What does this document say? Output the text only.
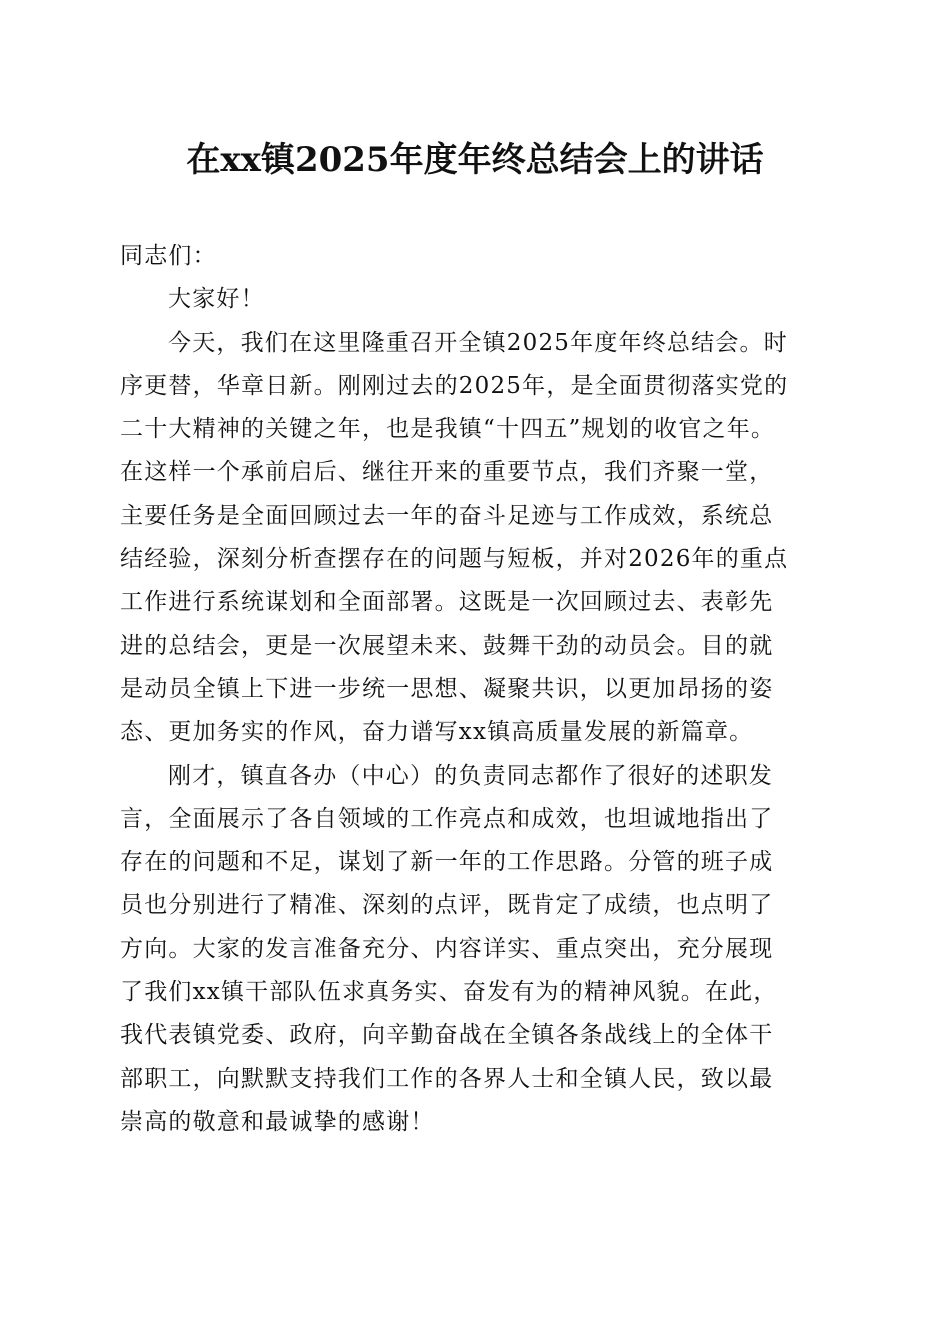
在xx镇2025年度年终总结会上的讲话
同志们：
大家好！
今天，我们在这里隆重召开全镇2025年度年终总结会。时
序更替，华章日新。刚刚过去的2025年，是全面贯彻落实党的
二十大精神的关键之年，也是我镇“十四五”规划的收官之年。
在这样一个承前启后、继往开来的重要节点，我们齐聚一堂，
主要任务是全面回顾过去一年的奋斗足迹与工作成效，系统总
结经验，深刻分析查摆存在的问题与短板，并对2026年的重点
工作进行系统谋划和全面部署。这既是一次回顾过去、表彰先
进的总结会，更是一次展望未来、鼓舞干劲的动员会。目的就
是动员全镇上下进一步统一思想、凝聚共识，以更加昂扬的姿
态、更加务实的作风，奋力谱写xx镇高质量发展的新篇章。
刚才，镇直各办（中心）的负责同志都作了很好的述职发
言，全面展示了各自领域的工作亮点和成效，也坦诚地指出了
存在的问题和不足，谋划了新一年的工作思路。分管的班子成
员也分别进行了精准、深刻的点评，既肯定了成绩，也点明了
方向。大家的发言准备充分、内容详实、重点突出，充分展现
了我们xx镇干部队伍求真务实、奋发有为的精神风貌。在此，
我代表镇党委、政府，向辛勤奋战在全镇各条战线上的全体干
部职工，向默默支持我们工作的各界人士和全镇人民，致以最
崇高的敬意和最诚挚的感谢！
